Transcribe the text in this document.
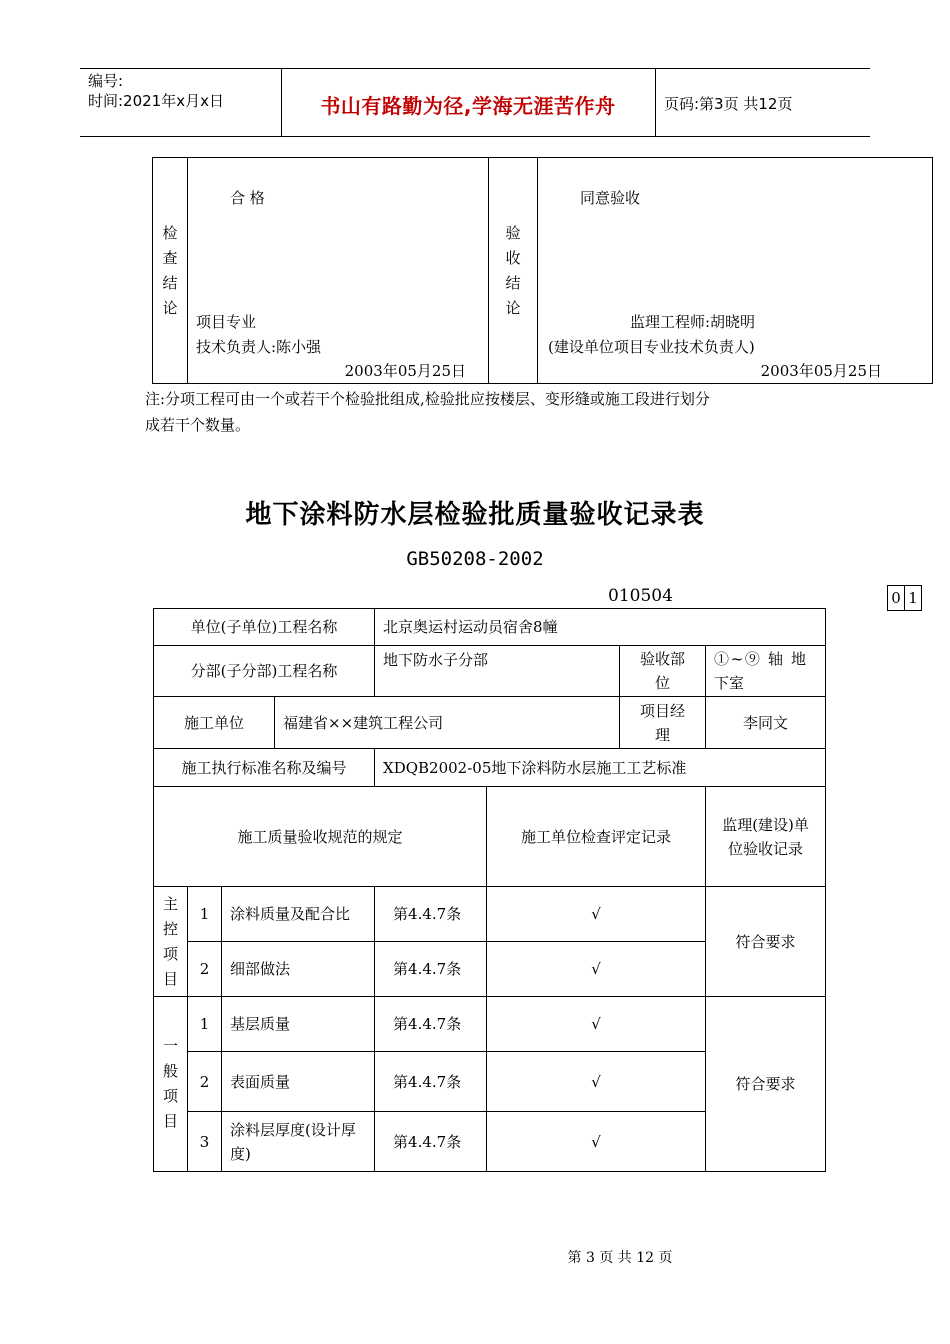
编号:
时间:2021年x月x日	书山有路勤为径,学海无涯苦作舟	页码:第3页 共12页
检查结论	
合 格
项目专业
技术负责人:陈小强
2003年05月25日
	验收结论	
同意验收
监理工程师:胡晓明
(建设单位项目专业技术负责人)
2003年05月25日
注:分项工程可由一个或若干个检验批组成,检验批应按楼层、变形缝或施工段进行划分
成若干个数量。
地下涂料防水层检验批质量验收记录表
GB50208-2002
010504	0 1
单位(子单位)工程名称				北京奥运村运动员宿舍8幢			
分部(子分部)工程名称				地下防水子分部		验收部位	①~⑨ 轴 地下室
施工单位			福建省××建筑工程公司			项目经理	李同文
施工执行标准名称及编号				XDQB2002-05地下涂料防水层施工工艺标准			
施工质量验收规范的规定					施工单位检查评定记录		监理(建设)单位验收记录
主控项目	1	涂料质量及配合比		第4.4.7条	√		符合要求
	2	细部做法		第4.4.7条	√		
一般项目	1	基层质量		第4.4.7条	√		符合要求
	2	表面质量		第4.4.7条	√		
	3	涂料层厚度(设计厚度)		第4.4.7条	√		
第 3 页 共 12 页
